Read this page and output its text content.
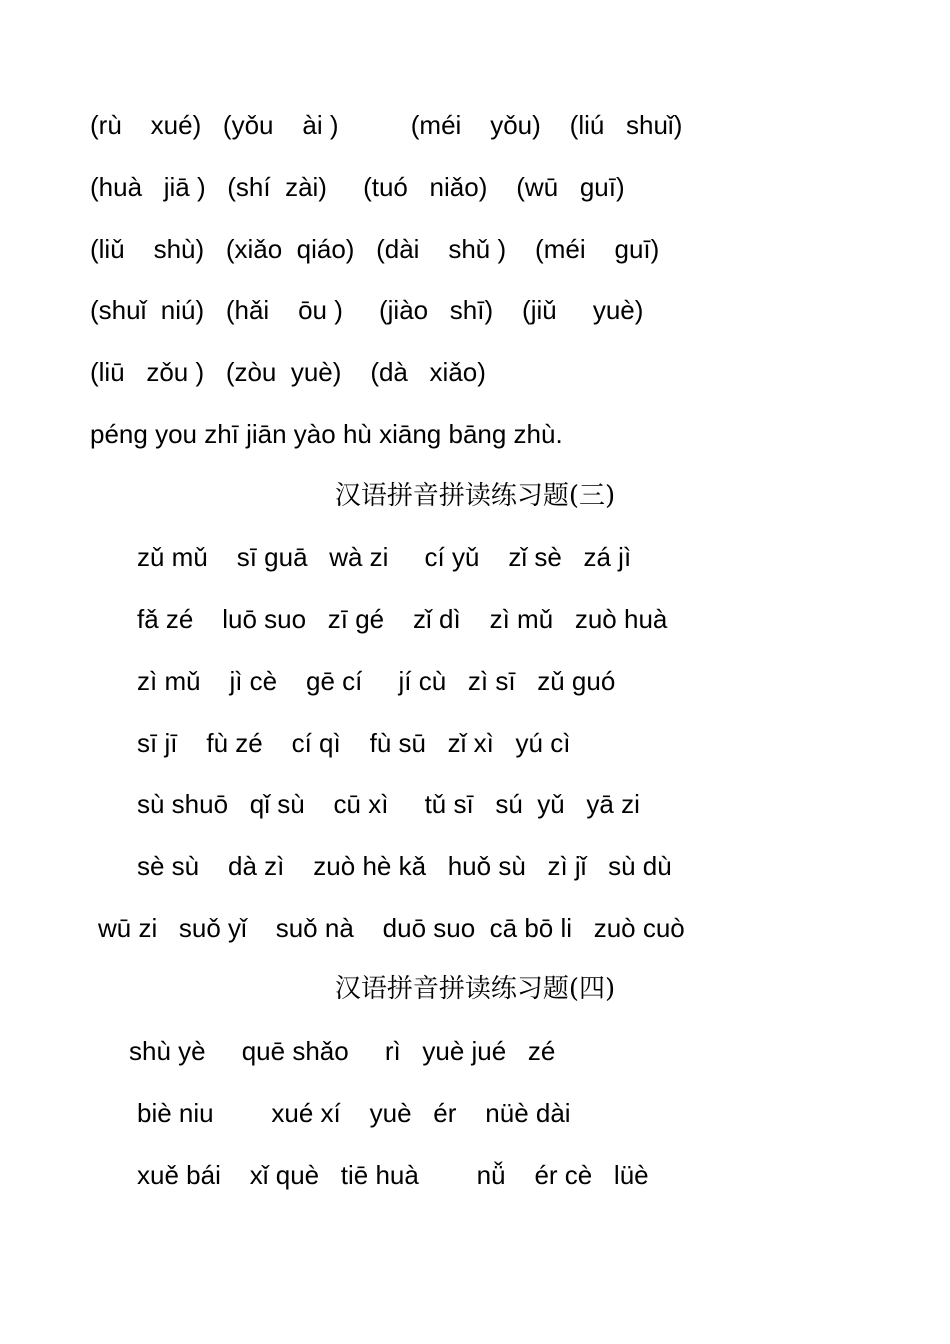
(rù    xué)   (yǒu    ài )          (méi    yǒu)    (liú   shuǐ)
(huà   jiā )   (shí  zài)     (tuó   niǎo)    (wū   guī)
(liǔ    shù)   (xiǎo  qiáo)   (dài    shǔ )    (méi    guī)
(shuǐ  niú)   (hǎi    ōu )     (jiào   shī)    (jiǔ     yuè)
(liū   zǒu )   (zòu  yuè)    (dà   xiǎo)
péng you zhī jiān yào hù xiāng bāng zhù.
汉语拼音拼读练习题(三)
zǔ mǔ    sī ɡuā   wà zi     cí yǔ    zǐ sè   zá jì
fǎ zé    luō suo   zī ɡé    zǐ dì    zì mǔ   zuò huà
zì mǔ    jì cè    ɡē cí     jí cù   zì sī   zǔ ɡuó
sī jī    fù zé    cí qì    fù sū   zǐ xì   yú cì
sù shuō   qǐ sù    cū xì     tǔ sī   sú  yǔ   yā zi
sè sù    dà zì    zuò hè kǎ   huǒ sù   zì jǐ   sù dù
wū zi   suǒ yǐ    suǒ nà    duō suo  cā bō li   zuò cuò
汉语拼音拼读练习题(四)
shù yè     quē shǎo     rì   yuè jué   zé
biè niu        xué xí    yuè   ér    nüè dài
xuě bái    xǐ què   tiē huà        nǚ    ér cè   lüè
